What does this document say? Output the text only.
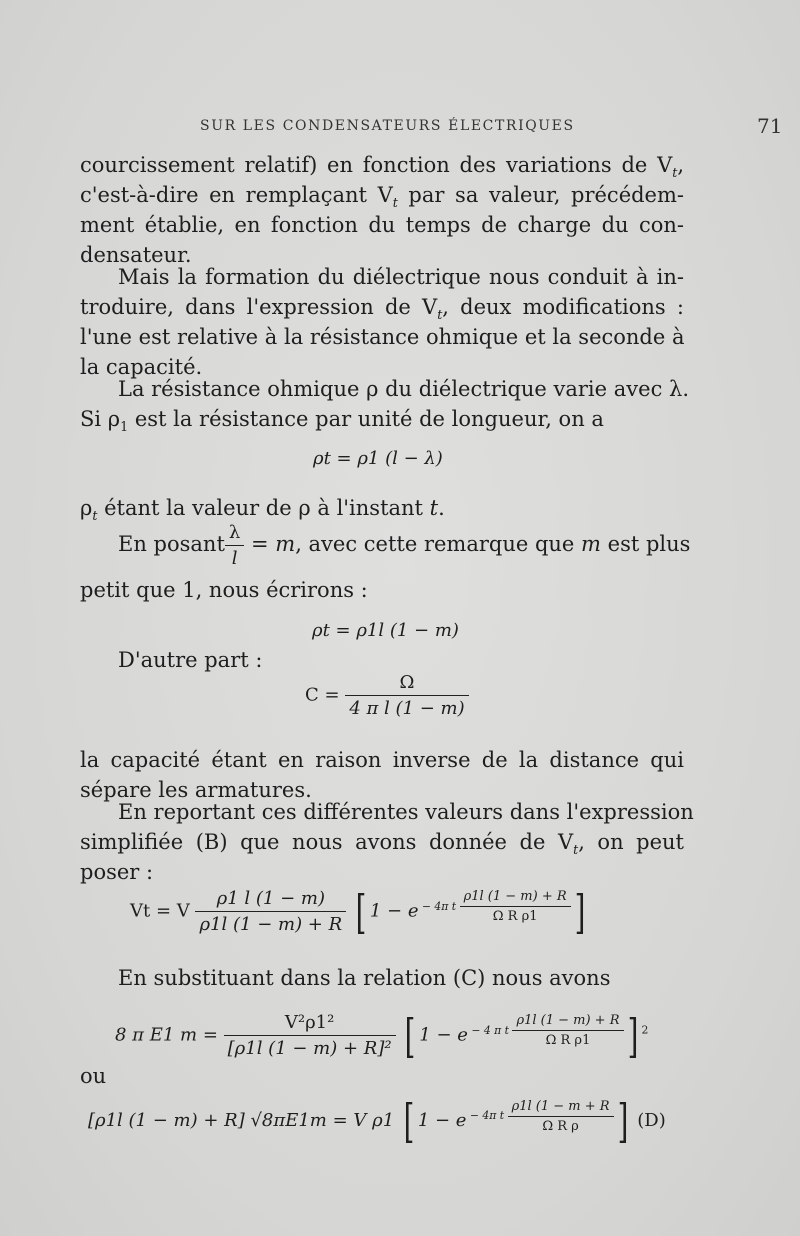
SUR LES CONDENSATEURS ÉLECTRIQUES	71
courcissement relatif) en fonction des variations de $V_t$,
c'est-à-dire en remplaçant $V_t$ par sa valeur, précédem-
ment établie, en fonction du temps de charge du con-
densateur.
Mais la formation du diélectrique nous conduit à in-
troduire, dans l'expression de $V_t$, deux modifications :
l'une est relative à la résistance ohmique et la seconde à
la capacité.
La résistance ohmique ρ du diélectrique varie avec λ.
Si $\rho_1$ est la résistance par unité de longueur, on a
ρt = ρ1 (l − λ)
$\rho_t$ étant la valeur de ρ à l'instant t.
En posant $\frac{\lambda}{l} = m$, avec cette remarque que m est plus
petit que 1, nous écrirons :
ρt = ρ1l (1 − m)
D'autre part :
$C = \frac{\Omega}{\text{4 π l (1 − m)}}$
la capacité étant en raison inverse de la distance qui
sépare les armatures.
En reportant ces différentes valeurs dans l'expression
simplifiée (B) que nous avons donnée de $V_t$, on peut
poser :
Vt = V $\frac{\rho 1 l (1 - m)}{\rho 1l (1 - m) + R}$ [ 1 − e $^{- 4\pi t \frac{\rho 1l (1 - m) + R}{\text{Ω R ρ1}}}$ ]
En substituant dans la relation (C) nous avons
8 π E1 $m = \frac{\text{V²ρ1²}}{\text{[ρ1l (1 − m) + R]²}}$ [ 1 − e $^{- 4 \pi t \frac{\rho 1l (1 - m) + R}{\text{Ω R ρ1}}}$ ] $^2$
ou
[ρ1l (1 − m) + R] √8πE1m = V ρ1 [ 1 − e $^{- 4\pi t \frac{\rho 1l (1 - m + R}{\text{Ω R ρ}}}$ ] (D)
